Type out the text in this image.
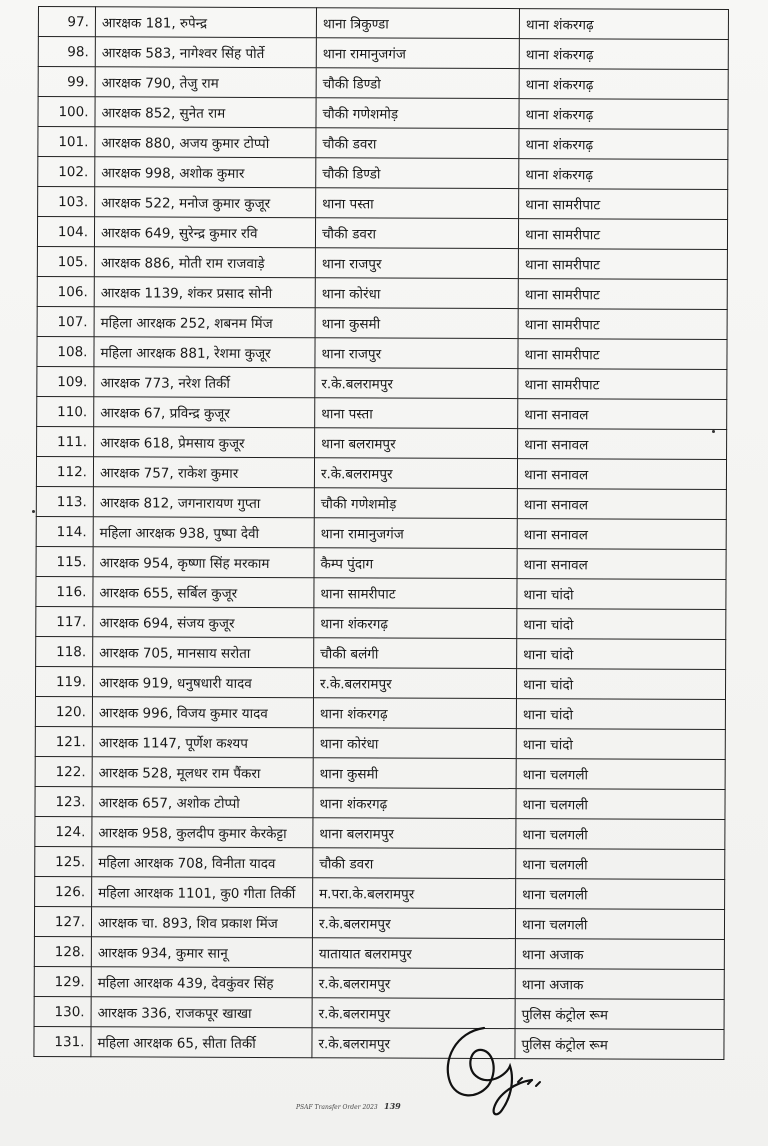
97.	आरक्षक 181, रुपेन्द्र	थाना त्रिकुण्डा	थाना शंकरगढ़
98.	आरक्षक 583, नागेश्वर सिंह पोर्ते	थाना रामानुजगंज	थाना शंकरगढ़
99.	आरक्षक 790, तेजु राम	चौकी डिण्डो	थाना शंकरगढ़
100.	आरक्षक 852, सुनेत राम	चौकी गणेशमोड़	थाना शंकरगढ़
101.	आरक्षक 880, अजय कुमार टोप्पो	चौकी डवरा	थाना शंकरगढ़
102.	आरक्षक 998, अशोक कुमार	चौकी डिण्डो	थाना शंकरगढ़
103.	आरक्षक 522, मनोज कुमार कुजूर	थाना पस्ता	थाना सामरीपाट
104.	आरक्षक 649, सुरेन्द्र कुमार रवि	चौकी डवरा	थाना सामरीपाट
105.	आरक्षक 886, मोती राम राजवाड़े	थाना राजपुर	थाना सामरीपाट
106.	आरक्षक 1139, शंकर प्रसाद सोनी	थाना कोरंधा	थाना सामरीपाट
107.	महिला आरक्षक 252, शबनम मिंज	थाना कुसमी	थाना सामरीपाट
108.	महिला आरक्षक 881, रेशमा कुजूर	थाना राजपुर	थाना सामरीपाट
109.	आरक्षक 773, नरेश तिर्की	र.के.बलरामपुर	थाना सामरीपाट
110.	आरक्षक 67, प्रविन्द्र कुजूर	थाना पस्ता	थाना सनावल
111.	आरक्षक 618, प्रेमसाय कुजूर	थाना बलरामपुर	थाना सनावल
112.	आरक्षक 757, राकेश कुमार	र.के.बलरामपुर	थाना सनावल
113.	आरक्षक 812, जगनारायण गुप्ता	चौकी गणेशमोड़	थाना सनावल
114.	महिला आरक्षक 938, पुष्पा देवी	थाना रामानुजगंज	थाना सनावल
115.	आरक्षक 954, कृष्णा सिंह मरकाम	कैम्प पुंदाग	थाना सनावल
116.	आरक्षक 655, सर्बिल कुजूर	थाना सामरीपाट	थाना चांदो
117.	आरक्षक 694, संजय कुजूर	थाना शंकरगढ़	थाना चांदो
118.	आरक्षक 705, मानसाय सरोता	चौकी बलंगी	थाना चांदो
119.	आरक्षक 919, धनुषधारी यादव	र.के.बलरामपुर	थाना चांदो
120.	आरक्षक 996, विजय कुमार यादव	थाना शंकरगढ़	थाना चांदो
121.	आरक्षक 1147, पूर्णेश कश्यप	थाना कोरंधा	थाना चांदो
122.	आरक्षक 528, मूलधर राम पैंकरा	थाना कुसमी	थाना चलगली
123.	आरक्षक 657, अशोक टोप्पो	थाना शंकरगढ़	थाना चलगली
124.	आरक्षक 958, कुलदीप कुमार केरकेट्टा	थाना बलरामपुर	थाना चलगली
125.	महिला आरक्षक 708, विनीता यादव	चौकी डवरा	थाना चलगली
126.	महिला आरक्षक 1101, कु0 गीता तिर्की	म.परा.के.बलरामपुर	थाना चलगली
127.	आरक्षक चा. 893, शिव प्रकाश मिंज	र.के.बलरामपुर	थाना चलगली
128.	आरक्षक 934, कुमार सानू	यातायात बलरामपुर	थाना अजाक
129.	महिला आरक्षक 439, देवकुंवर सिंह	र.के.बलरामपुर	थाना अजाक
130.	आरक्षक 336, राजकपूर खाखा	र.के.बलरामपुर	पुलिस कंट्रोल रूम
131.	महिला आरक्षक 65, सीता तिर्की	र.के.बलरामपुर	पुलिस कंट्रोल रूम
PSAF Transfer Order 2023 139
